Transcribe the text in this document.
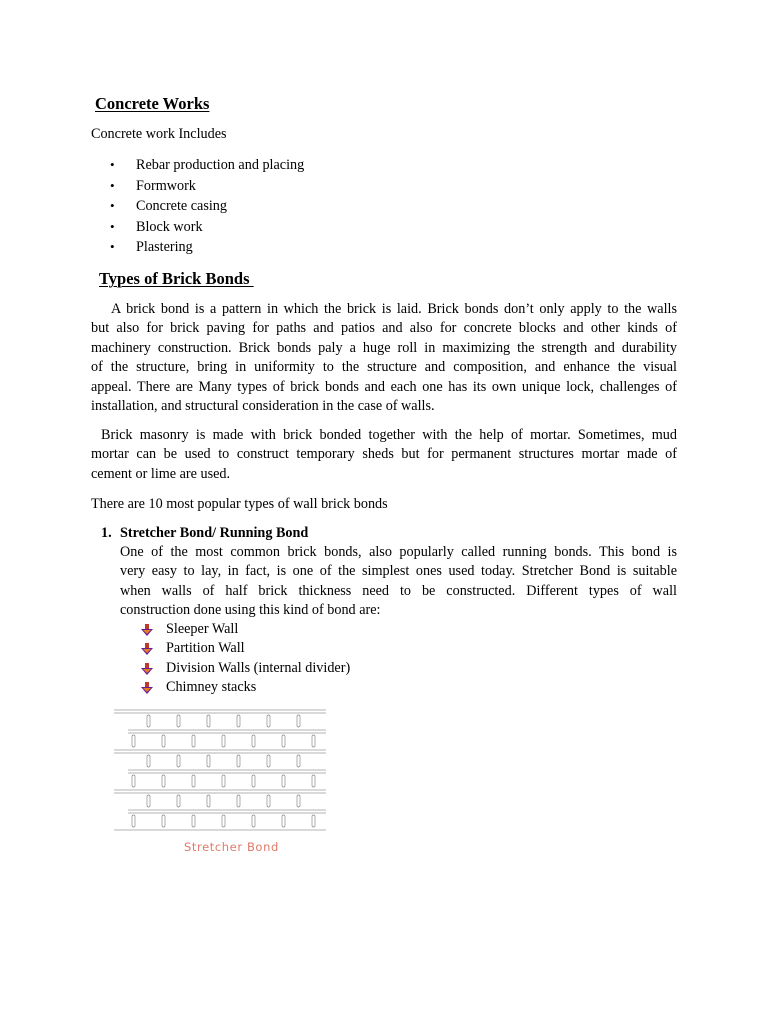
Concrete Works
Concrete work Includes
• Rebar production and placing
• Formwork
• Concrete casing
• Block work
• Plastering
Types of Brick Bonds
A brick bond is a pattern in which the brick is laid. Brick bonds don’t only apply to the walls
but also for brick paving for paths and patios and also for concrete blocks and other kinds of
machinery construction. Brick bonds paly a huge roll in maximizing the strength and durability
of the structure, bring in uniformity to the structure and composition, and enhance the visual
appeal. There are Many types of brick bonds and each one has its own unique lock, challenges of
installation, and structural consideration in the case of walls.
Brick masonry is made with brick bonded together with the help of mortar. Sometimes, mud
mortar can be used to construct temporary sheds but for permanent structures mortar made of
cement or lime are used.
There are 10 most popular types of wall brick bonds
1. Stretcher Bond/ Running Bond
One of the most common brick bonds, also popularly called running bonds. This bond is
very easy to lay, in fact, is one of the simplest ones used today. Stretcher Bond is suitable
when walls of half brick thickness need to be constructed. Different types of wall
construction done using this kind of bond are:
Sleeper Wall
Partition Wall
Division Walls (internal divider)
Chimney stacks
Stretcher Bond
